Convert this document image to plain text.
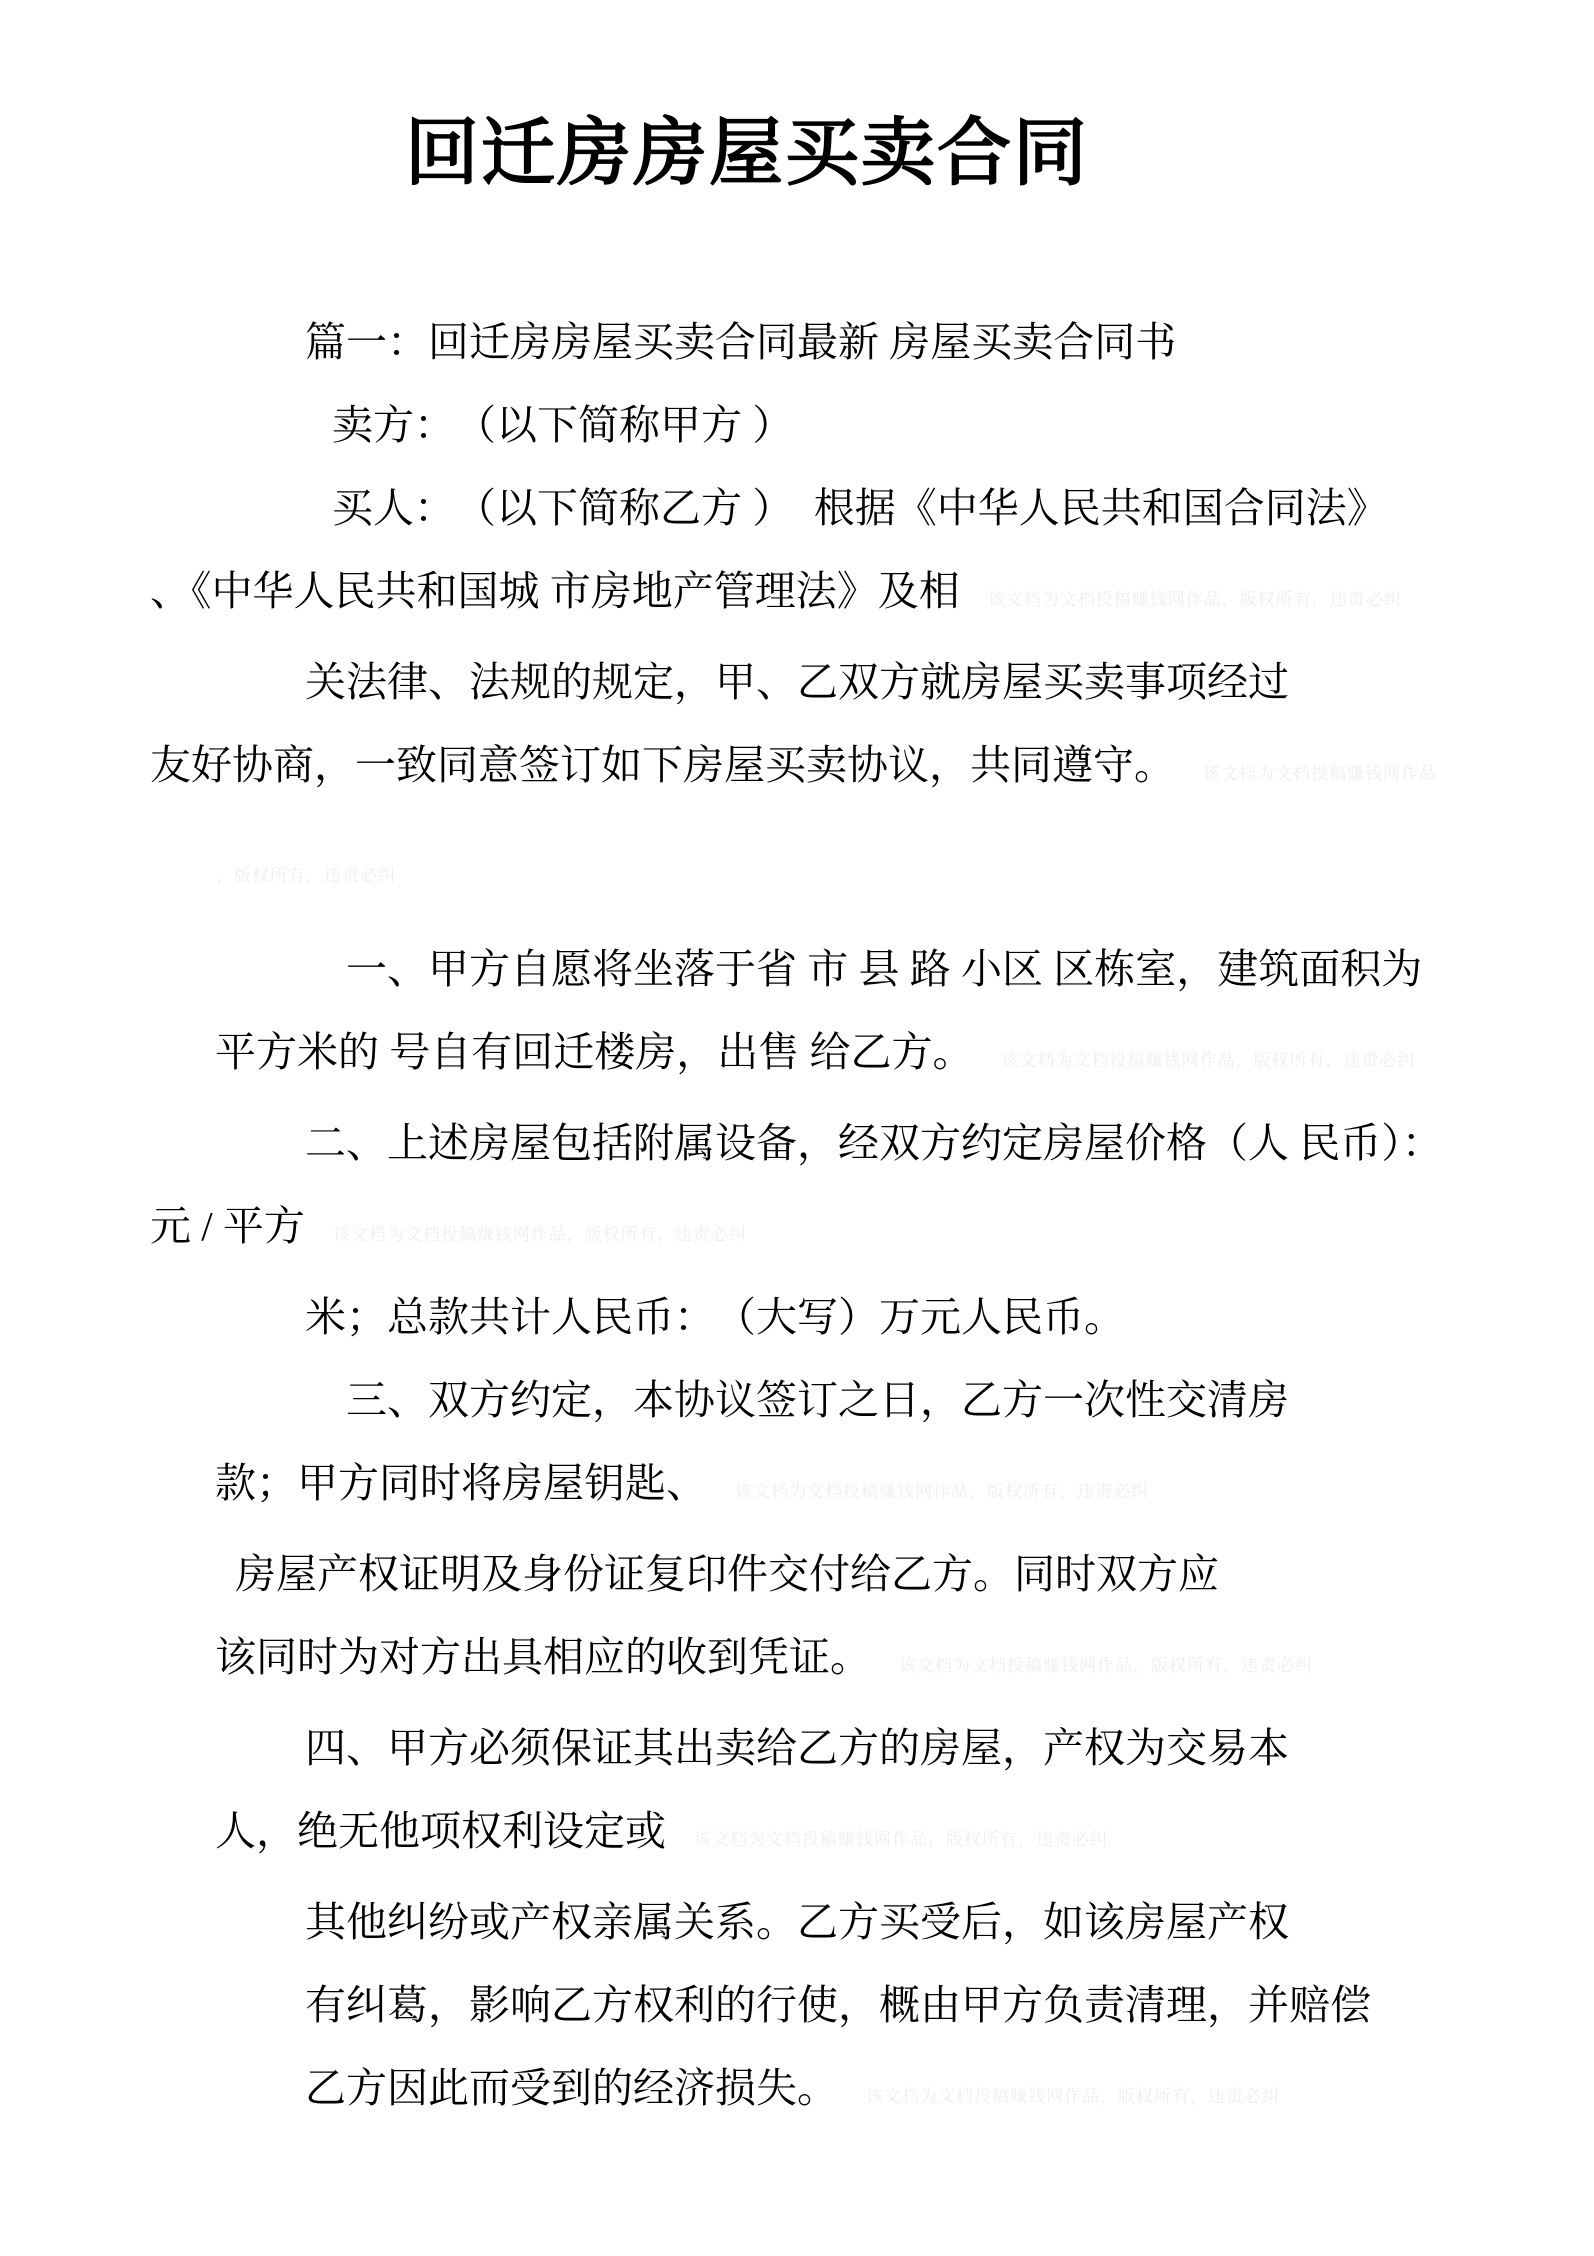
回迁房房屋买卖合同
篇一：回迁房房屋买卖合同最新 房屋买卖合同书
卖方：　（以下简称甲方 ）
买人：　（以下简称乙方 ）　根据《中华人民共和国合同法》
、《中华人民共和国城 市房地产管理法》及相 该文档为文档投稿赚钱网作品，版权所有，违责必纠
关法律、法规的规定，甲、乙双方就房屋买卖事项经过
友好协商，一致同意签订如下房屋买卖协议，共同遵守。 该文档为文档投稿赚钱网作品
，版权所有，违责必纠
一、甲方自愿将坐落于省 市 县 路 小区 区栋室，建筑面积为
平方米的 号自有回迁楼房，出售 给乙方。 该文档为文档投稿赚钱网作品，版权所有，违责必纠
二、上述房屋包括附属设备，经双方约定房屋价格（人 民币）：
元 / 平方 该文档为文档投稿赚钱网作品，版权所有，违责必纠
米；总款共计人民币：　（大写）万元人民币。
三、双方约定，本协议签订之日，乙方一次性交清房
款；甲方同时将房屋钥匙、 该文档为文档投稿赚钱网作品，版权所有，违责必纠
房屋产权证明及身份证复印件交付给乙方。同时双方应
该同时为对方出具相应的收到凭证。 该文档为文档投稿赚钱网作品，版权所有，违责必纠
四、甲方必须保证其出卖给乙方的房屋，产权为交易本
人，绝无他项权利设定或 该文档为文档投稿赚钱网作品，版权所有，违责必纠
其他纠纷或产权亲属关系。乙方买受后，如该房屋产权
有纠葛，影响乙方权利的行使，概由甲方负责清理，并赔偿
乙方因此而受到的经济损失。 该文档为文档投稿赚钱网作品，版权所有，违责必纠
